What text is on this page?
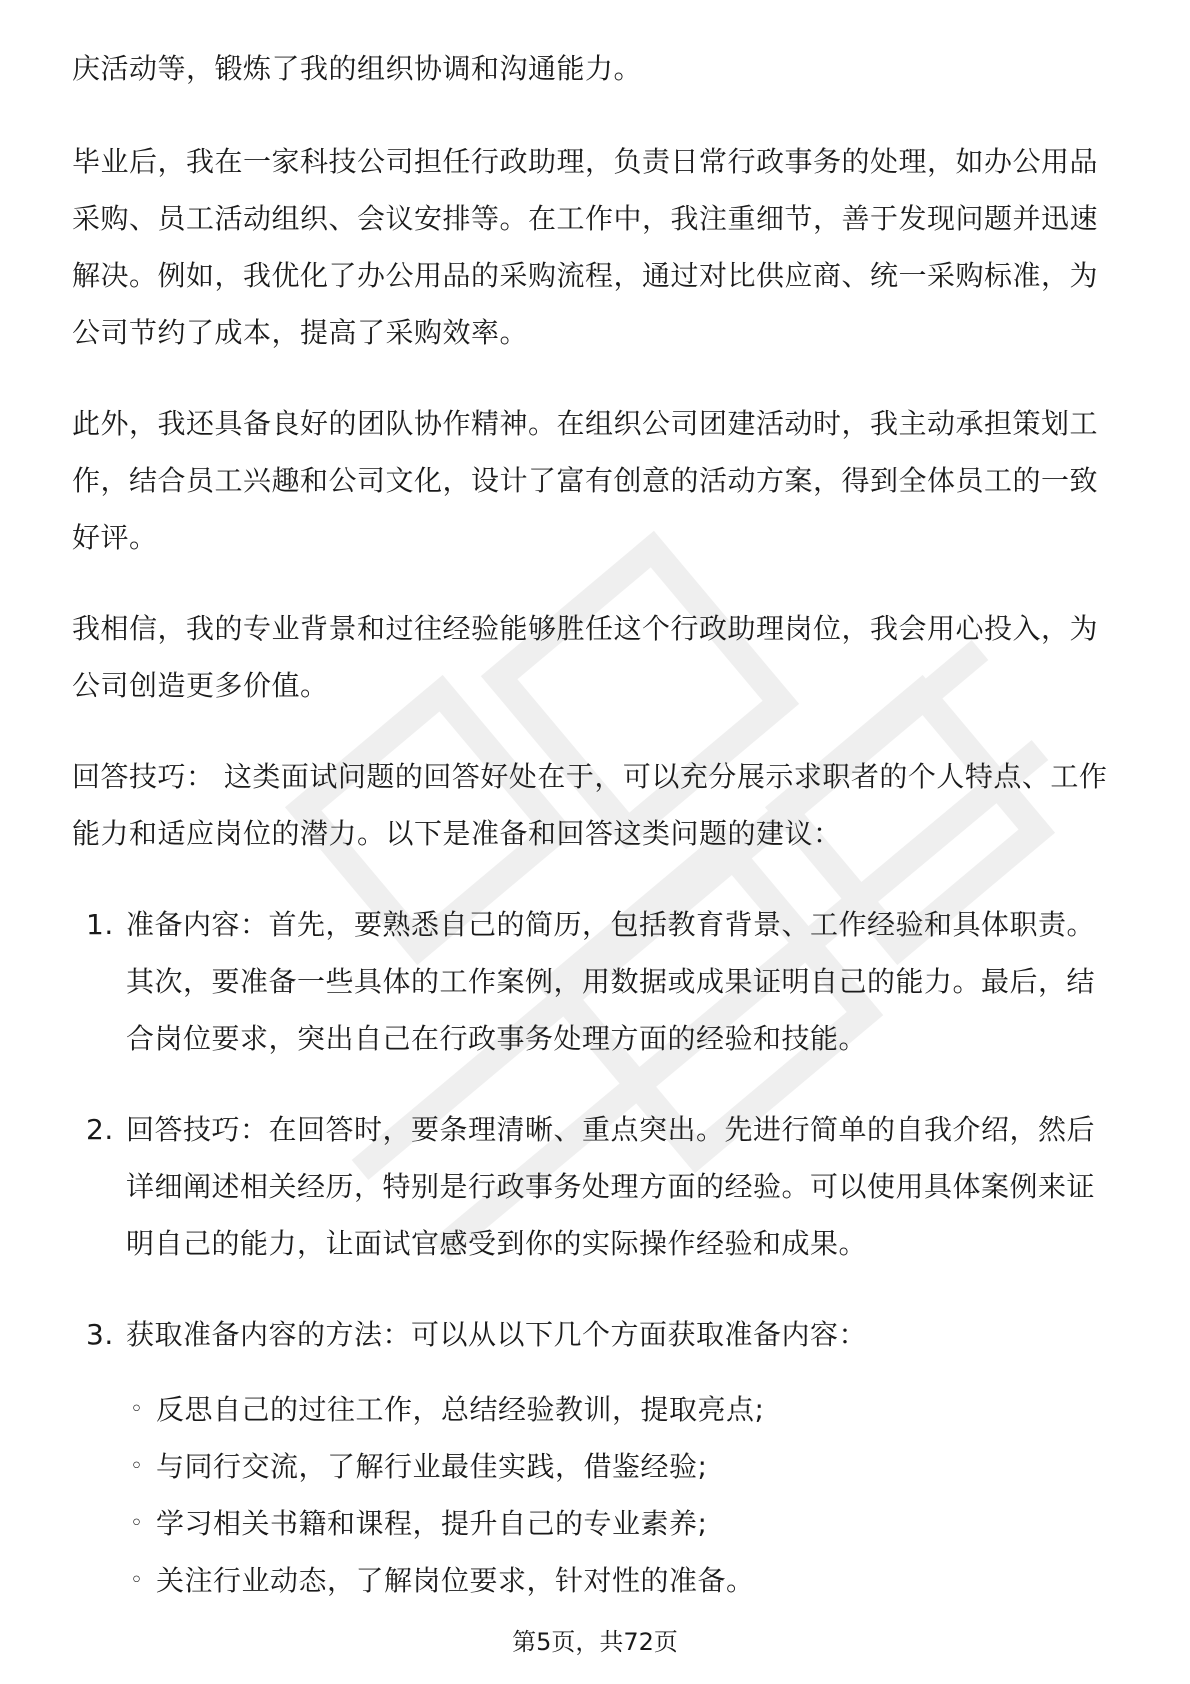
庆活动等，锻炼了我的组织协调和沟通能力。

毕业后，我在一家科技公司担任行政助理，负责日常行政事务的处理，如办公用品采购、员工活动组织、会议安排等。在工作中，我注重细节，善于发现问题并迅速解决。例如，我优化了办公用品的采购流程，通过对比供应商、统一采购标准，为公司节约了成本，提高了采购效率。

此外，我还具备良好的团队协作精神。在组织公司团建活动时，我主动承担策划工作，结合员工兴趣和公司文化，设计了富有创意的活动方案，得到全体员工的一致好评。

我相信，我的专业背景和过往经验能够胜任这个行政助理岗位，我会用心投入，为公司创造更多价值。

回答技巧： 这类面试问题的回答好处在于，可以充分展示求职者的个人特点、工作能力和适应岗位的潜力。以下是准备和回答这类问题的建议：

1. 准备内容：首先，要熟悉自己的简历，包括教育背景、工作经验和具体职责。其次，要准备一些具体的工作案例，用数据或成果证明自己的能力。最后，结合岗位要求，突出自己在行政事务处理方面的经验和技能。
2. 回答技巧：在回答时，要条理清晰、重点突出。先进行简单的自我介绍，然后详细阐述相关经历，特别是行政事务处理方面的经验。可以使用具体案例来证明自己的能力，让面试官感受到你的实际操作经验和成果。
3. 获取准备内容的方法：可以从以下几个方面获取准备内容：
◦ 反思自己的过往工作，总结经验教训，提取亮点;
◦ 与同行交流，了解行业最佳实践，借鉴经验;
◦ 学习相关书籍和课程，提升自己的专业素养;
◦ 关注行业动态，了解岗位要求，针对性的准备。
第5页，共72页
